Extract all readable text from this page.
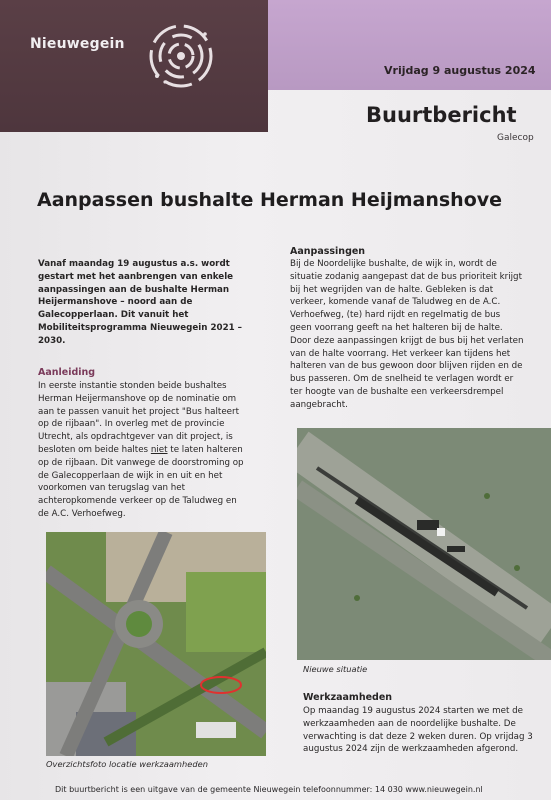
Nieuwegein
Vrijdag 9 augustus 2024
Buurtbericht
Galecop
Aanpassen bushalte Herman Heijmanshove
Vanaf maandag 19 augustus a.s. wordt
gestart met het aanbrengen van enkele
aanpassingen aan de bushalte Herman
Heijermanshove – noord aan de
Galecopperlaan. Dit vanuit het
Mobiliteitsprogramma Nieuwegein 2021 –
2030.
Aanleiding
In eerste instantie stonden beide bushaltes
Herman Heijermanshove op de nominatie om
aan te passen vanuit het project "Bus halteert
op de rijbaan". In overleg met de provincie
Utrecht, als opdrachtgever van dit project, is
besloten om beide haltes niet te laten halteren
op de rijbaan. Dit vanwege de doorstroming op
de Galecopperlaan de wijk in en uit en het
voorkomen van terugslag van het
achteropkomende verkeer op de Taludweg en
de A.C. Verhoefweg.
Aanpassingen
Bij de Noordelijke bushalte, de wijk in, wordt de
situatie zodanig aangepast dat de bus prioriteit krijgt
bij het wegrijden van de halte. Gebleken is dat
verkeer, komende vanaf de Taludweg en de A.C.
Verhoefweg, (te) hard rijdt en regelmatig de bus
geen voorrang geeft na het halteren bij de halte.
Door deze aanpassingen krijgt de bus bij het verlaten
van de halte voorrang. Het verkeer kan tijdens het
halteren van de bus gewoon door blijven rijden en de
bus passeren. Om de snelheid te verlagen wordt er
ter hoogte van de bushalte een verkeersdrempel
aangebracht.
Overzichtsfoto locatie werkzaamheden
Nieuwe situatie
Werkzaamheden
Op maandag 19 augustus 2024 starten we met de
werkzaamheden aan de noordelijke bushalte. De
verwachting is dat deze 2 weken duren. Op vrijdag 3
augustus 2024 zijn de werkzaamheden afgerond.
Dit buurtbericht is een uitgave van de gemeente Nieuwegein telefoonnummer: 14 030 www.nieuwegein.nl
